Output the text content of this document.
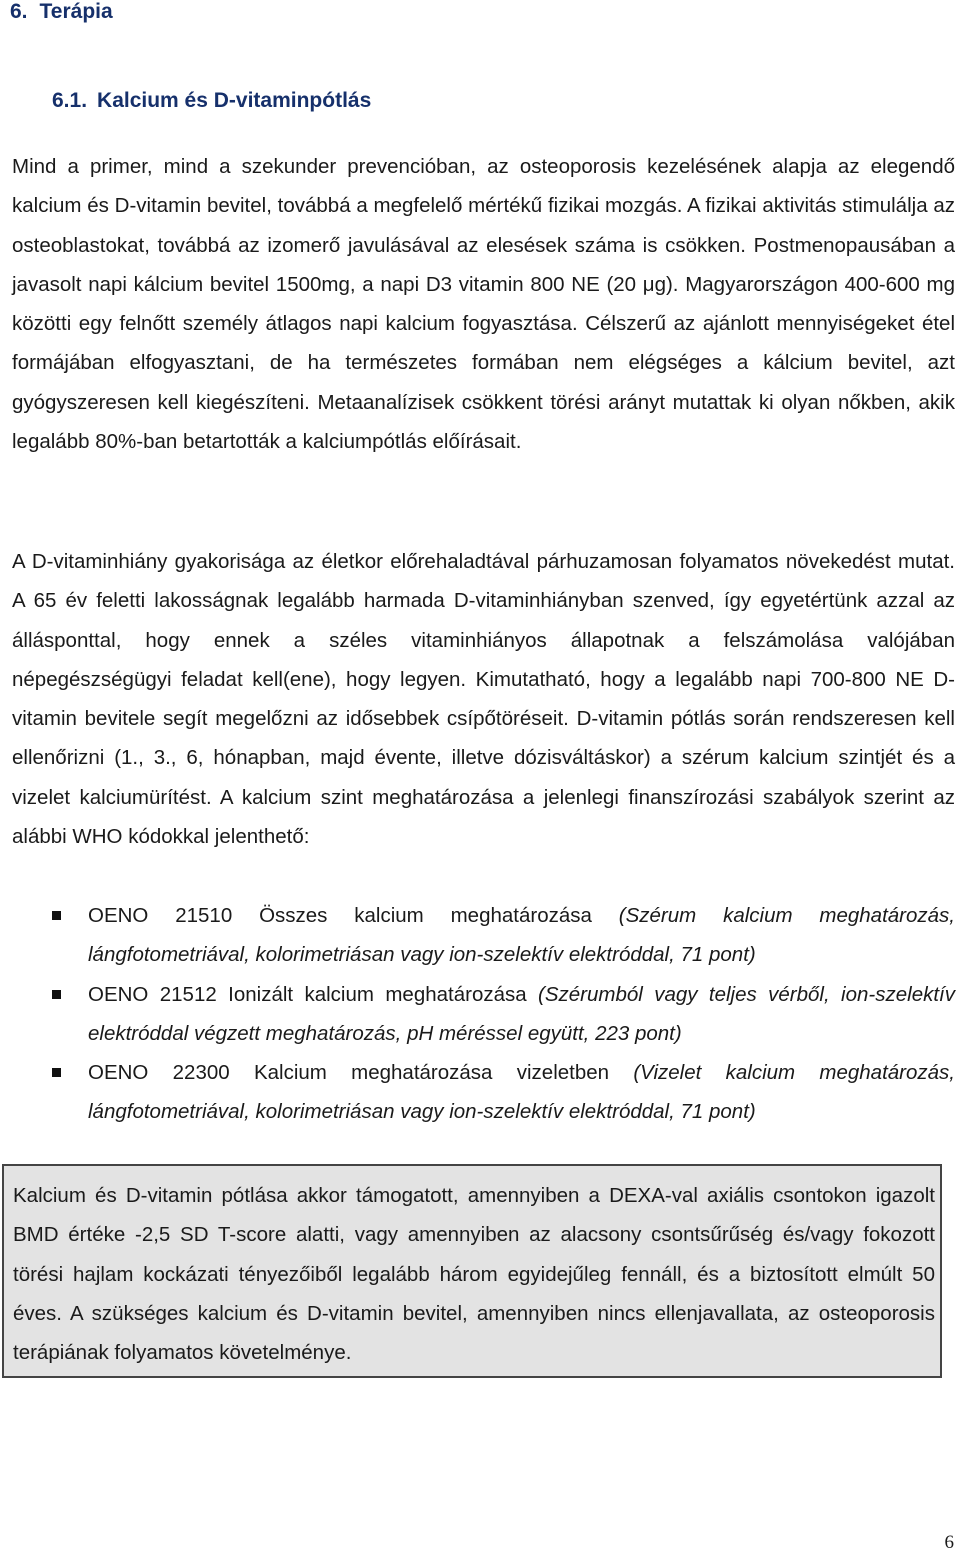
6. Terápia
6.1. Kalcium és D-vitaminpótlás

Mind a primer, mind a szekunder prevencióban, az osteoporosis kezelésének alapja az elegendő kalcium és D-vitamin bevitel, továbbá a megfelelő mértékű fizikai mozgás. A fizikai aktivitás stimulálja az osteoblastokat, továbbá az izomerő javulásával az elesések száma is csökken. Postmenopausában a javasolt napi kálcium bevitel 1500mg, a napi D3 vitamin 800 NE (20 μg). Magyarországon 400-600 mg közötti egy felnőtt személy átlagos napi kalcium fogyasztása. Célszerű az ajánlott mennyiségeket étel formájában elfogyasztani, de ha természetes formában nem elégséges a kálcium bevitel, azt gyógyszeresen kell kiegészíteni. Metaanalízisek csökkent törési arányt mutattak ki olyan nőkben, akik legalább 80%-ban betartották a kalciumpótlás előírásait.

A D-vitaminhiány gyakorisága az életkor előrehaladtával párhuzamosan folyamatos növekedést mutat. A 65 év feletti lakosságnak legalább harmada D-vitaminhiányban szenved, így egyetértünk azzal az állásponttal, hogy ennek a széles vitaminhiányos állapotnak a felszámolása valójában népegészségügyi feladat kell(ene), hogy legyen. Kimutatható, hogy a legalább napi 700-800 NE D-vitamin bevitele segít megelőzni az idősebbek csípőtöréseit. D-vitamin pótlás során rendszeresen kell ellenőrizni (1., 3., 6, hónapban, majd évente, illetve dózisváltáskor) a szérum kalcium szintjét és a vizelet kalciumürítést. A kalcium szint meghatározása a jelenlegi finanszírozási szabályok szerint az alábbi WHO kódokkal jelenthető:

OENO 21510 Összes kalcium meghatározása (Szérum kalcium meghatározás, lángfotometriával, kolorimetriásan vagy ion-szelektív elektróddal, 71 pont)
OENO 21512 Ionizált kalcium meghatározása (Szérumból vagy teljes vérből, ion-szelektív elektróddal végzett meghatározás, pH méréssel együtt, 223 pont)
OENO 22300 Kalcium meghatározása vizeletben (Vizelet kalcium meghatározás, lángfotometriával, kolorimetriásan vagy ion-szelektív elektróddal, 71 pont)

Kalcium és D-vitamin pótlása akkor támogatott, amennyiben a DEXA-val axiális csontokon igazolt BMD értéke -2,5 SD T-score alatti, vagy amennyiben az alacsony csontsűrűség és/vagy fokozott törési hajlam kockázati tényezőiből legalább három egyidejűleg fennáll, és a biztosított elmúlt 50 éves. A szükséges kalcium és D-vitamin bevitel, amennyiben nincs ellenjavallata, az osteoporosis terápiának folyamatos követelménye.

6
